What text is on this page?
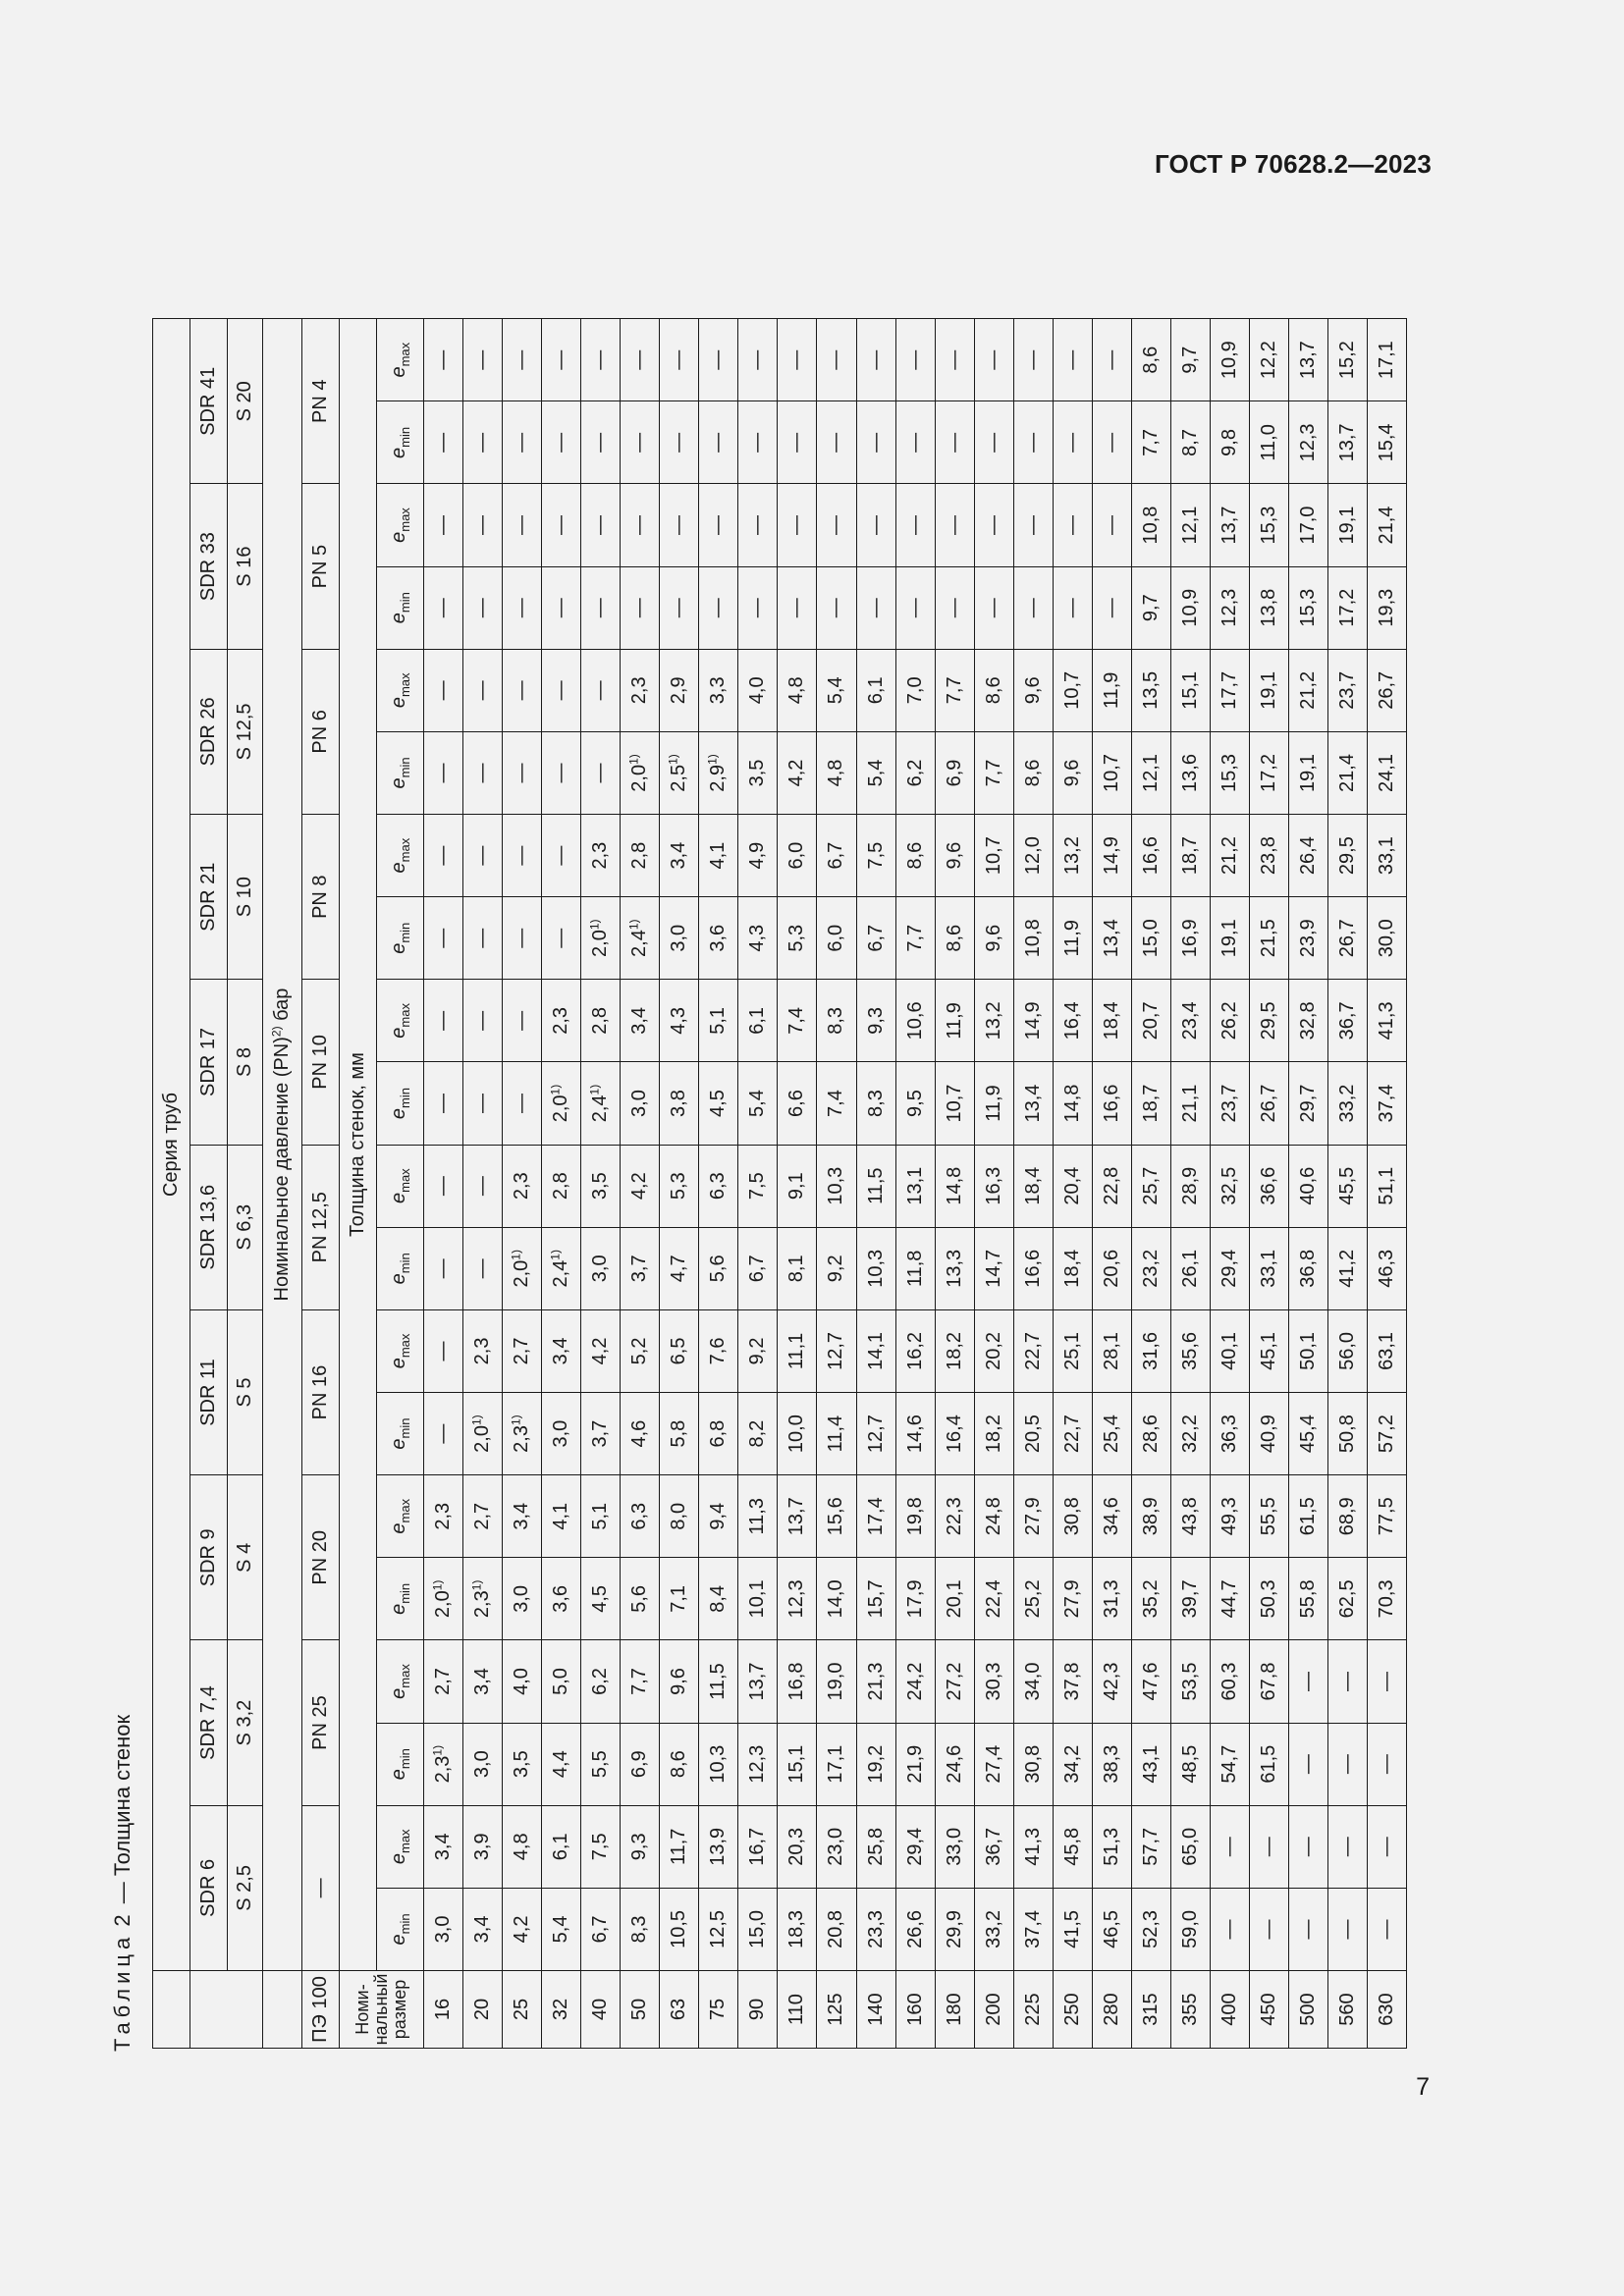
ГОСТ Р 70628.2—2023
Таблица 2 — Толщина стенок
	Серия труб																			
	SDR 6		SDR 7,4		SDR 9		SDR 11		SDR 13,6		SDR 17		SDR 21		SDR 26		SDR 33		SDR 41	
	S 2,5		S 3,2		S 4		S 5		S 6,3		S 8		S 10		S 12,5		S 16		S 20	
	Номинальное давление (PN)$^{2)}$ бар																			
ПЭ 100	—		PN 25		PN 20		PN 16		PN 12,5		PN 10		PN 8		PN 6		PN 5		PN 4	
Номи-
нальный
размер	Толщина стенок, мм																			
	$e_{min}$	$e_{max}$	$e_{min}$	$e_{max}$	$e_{min}$	$e_{max}$	$e_{min}$	$e_{max}$	$e_{min}$	$e_{max}$	$e_{min}$	$e_{max}$	$e_{min}$	$e_{max}$	$e_{min}$	$e_{max}$	$e_{min}$	$e_{max}$	$e_{min}$	$e_{max}$
16	3,0	3,4	2,3$^{1)}$	2,7	2,0$^{1)}$	2,3	—	—	—	—	—	—	—	—	—	—	—	—	—	—
20	3,4	3,9	3,0	3,4	2,3$^{1)}$	2,7	2,0$^{1)}$	2,3	—	—	—	—	—	—	—	—	—	—	—	—
25	4,2	4,8	3,5	4,0	3,0	3,4	2,3$^{1)}$	2,7	2,0$^{1)}$	2,3	—	—	—	—	—	—	—	—	—	—
32	5,4	6,1	4,4	5,0	3,6	4,1	3,0	3,4	2,4$^{1)}$	2,8	2,0$^{1)}$	2,3	—	—	—	—	—	—	—	—
40	6,7	7,5	5,5	6,2	4,5	5,1	3,7	4,2	3,0	3,5	2,4$^{1)}$	2,8	2,0$^{1)}$	2,3	—	—	—	—	—	—
50	8,3	9,3	6,9	7,7	5,6	6,3	4,6	5,2	3,7	4,2	3,0	3,4	2,4$^{1)}$	2,8	2,0$^{1)}$	2,3	—	—	—	—
63	10,5	11,7	8,6	9,6	7,1	8,0	5,8	6,5	4,7	5,3	3,8	4,3	3,0	3,4	2,5$^{1)}$	2,9	—	—	—	—
75	12,5	13,9	10,3	11,5	8,4	9,4	6,8	7,6	5,6	6,3	4,5	5,1	3,6	4,1	2,9$^{1)}$	3,3	—	—	—	—
90	15,0	16,7	12,3	13,7	10,1	11,3	8,2	9,2	6,7	7,5	5,4	6,1	4,3	4,9	3,5	4,0	—	—	—	—
110	18,3	20,3	15,1	16,8	12,3	13,7	10,0	11,1	8,1	9,1	6,6	7,4	5,3	6,0	4,2	4,8	—	—	—	—
125	20,8	23,0	17,1	19,0	14,0	15,6	11,4	12,7	9,2	10,3	7,4	8,3	6,0	6,7	4,8	5,4	—	—	—	—
140	23,3	25,8	19,2	21,3	15,7	17,4	12,7	14,1	10,3	11,5	8,3	9,3	6,7	7,5	5,4	6,1	—	—	—	—
160	26,6	29,4	21,9	24,2	17,9	19,8	14,6	16,2	11,8	13,1	9,5	10,6	7,7	8,6	6,2	7,0	—	—	—	—
180	29,9	33,0	24,6	27,2	20,1	22,3	16,4	18,2	13,3	14,8	10,7	11,9	8,6	9,6	6,9	7,7	—	—	—	—
200	33,2	36,7	27,4	30,3	22,4	24,8	18,2	20,2	14,7	16,3	11,9	13,2	9,6	10,7	7,7	8,6	—	—	—	—
225	37,4	41,3	30,8	34,0	25,2	27,9	20,5	22,7	16,6	18,4	13,4	14,9	10,8	12,0	8,6	9,6	—	—	—	—
250	41,5	45,8	34,2	37,8	27,9	30,8	22,7	25,1	18,4	20,4	14,8	16,4	11,9	13,2	9,6	10,7	—	—	—	—
280	46,5	51,3	38,3	42,3	31,3	34,6	25,4	28,1	20,6	22,8	16,6	18,4	13,4	14,9	10,7	11,9	—	—	—	—
315	52,3	57,7	43,1	47,6	35,2	38,9	28,6	31,6	23,2	25,7	18,7	20,7	15,0	16,6	12,1	13,5	9,7	10,8	7,7	8,6
355	59,0	65,0	48,5	53,5	39,7	43,8	32,2	35,6	26,1	28,9	21,1	23,4	16,9	18,7	13,6	15,1	10,9	12,1	8,7	9,7
400	—	—	54,7	60,3	44,7	49,3	36,3	40,1	29,4	32,5	23,7	26,2	19,1	21,2	15,3	17,7	12,3	13,7	9,8	10,9
450	—	—	61,5	67,8	50,3	55,5	40,9	45,1	33,1	36,6	26,7	29,5	21,5	23,8	17,2	19,1	13,8	15,3	11,0	12,2
500	—	—	—	—	55,8	61,5	45,4	50,1	36,8	40,6	29,7	32,8	23,9	26,4	19,1	21,2	15,3	17,0	12,3	13,7
560	—	—	—	—	62,5	68,9	50,8	56,0	41,2	45,5	33,2	36,7	26,7	29,5	21,4	23,7	17,2	19,1	13,7	15,2
630	—	—	—	—	70,3	77,5	57,2	63,1	46,3	51,1	37,4	41,3	30,0	33,1	24,1	26,7	19,3	21,4	15,4	17,1
7
